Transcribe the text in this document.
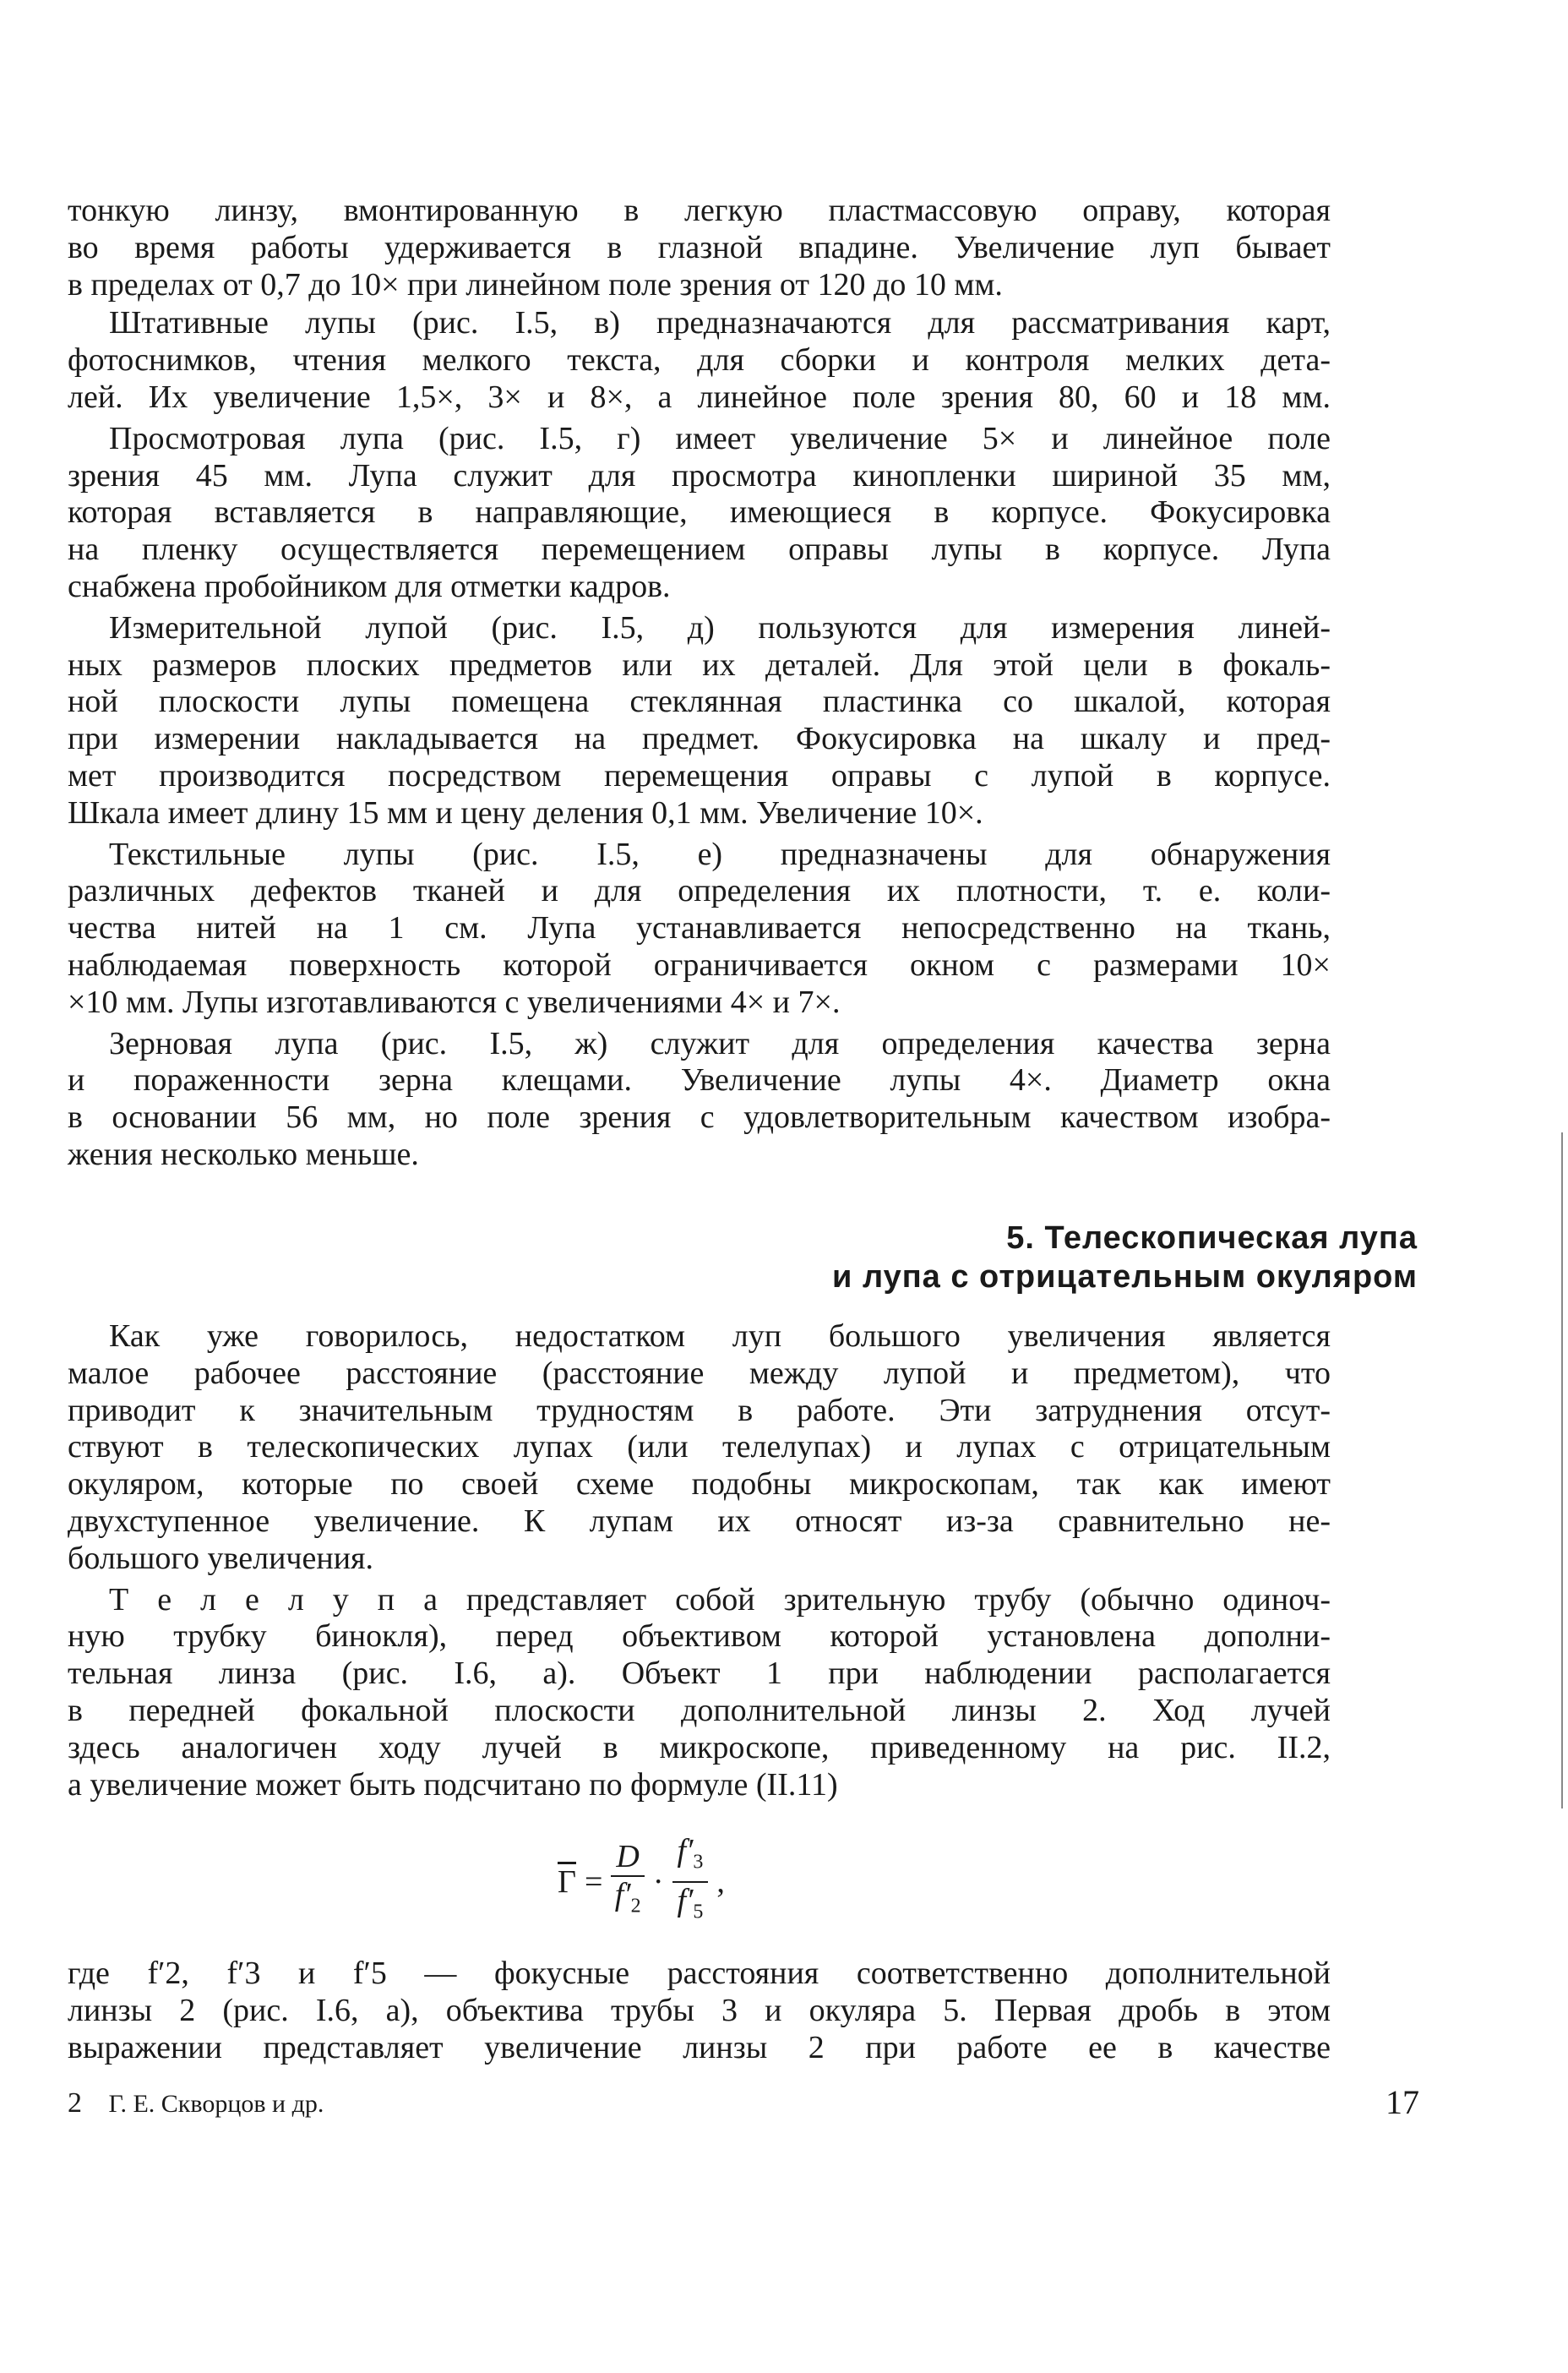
тонкую линзу, вмонтированную в легкую пластмассовую оправу, которая
во время работы удерживается в глазной впадине. Увеличение луп бывает
в пределах от 0,7 до 10× при линейном поле зрения от 120 до 10 мм.
Штативные лупы (рис. I.5, в) предназначаются для рассматривания карт,
фотоснимков, чтения мелкого текста, для сборки и контроля мелких дета-
лей. Их увеличение 1,5×, 3× и 8×, а линейное поле зрения 80, 60 и 18 мм.
Просмотровая лупа (рис. I.5, г) имеет увеличение 5× и линейное поле
зрения 45 мм. Лупа служит для просмотра кинопленки шириной 35 мм,
которая вставляется в направляющие, имеющиеся в корпусе. Фокусировка
на пленку осуществляется перемещением оправы лупы в корпусе. Лупа
снабжена пробойником для отметки кадров.
Измерительной лупой (рис. I.5, д) пользуются для измерения линей-
ных размеров плоских предметов или их деталей. Для этой цели в фокаль-
ной плоскости лупы помещена стеклянная пластинка со шкалой, которая
при измерении накладывается на предмет. Фокусировка на шкалу и пред-
мет производится посредством перемещения оправы с лупой в корпусе.
Шкала имеет длину 15 мм и цену деления 0,1 мм. Увеличение 10×.
Текстильные лупы (рис. I.5, е) предназначены для обнаружения
различных дефектов тканей и для определения их плотности, т. е. коли-
чества нитей на 1 см. Лупа устанавливается непосредственно на ткань,
наблюдаемая поверхность которой ограничивается окном с размерами 10×
×10 мм. Лупы изготавливаются с увеличениями 4× и 7×.
Зерновая лупа (рис. I.5, ж) служит для определения качества зерна
и пораженности зерна клещами. Увеличение лупы 4×. Диаметр окна
в основании 56 мм, но поле зрения с удовлетворительным качеством изобра-
жения несколько меньше.
5. Телескопическая лупа
и лупа с отрицательным окуляром
Как уже говорилось, недостатком луп большого увеличения является
малое рабочее расстояние (расстояние между лупой и предметом), что
приводит к значительным трудностям в работе. Эти затруднения отсут-
ствуют в телескопических лупах (или телелупах) и лупах с отрицательным
окуляром, которые по своей схеме подобны микроскопам, так как имеют
двухступенное увеличение. К лупам их относят из-за сравнительно не-
большого увеличения.
Т е л е л у п а представляет собой зрительную трубу (обычно одиноч-
ную трубку бинокля), перед объективом которой установлена дополни-
тельная линза (рис. I.6, а). Объект 1 при наблюдении располагается
в передней фокальной плоскости дополнительной линзы 2. Ход лучей
здесь аналогичен ходу лучей в микроскопе, приведенному на рис. II.2,
а увеличение может быть подсчитано по формуле (II.11)
$\overline{\Gamma} = \frac{D}{f'_2} \cdot \frac{f'_3}{f'_5}$ ,
где f′2, f′3 и f′5 — фокусные расстояния соответственно дополнительной
линзы 2 (рис. I.6, а), объектива трубы 3 и окуляра 5. Первая дробь в этом
выражении представляет увеличение линзы 2 при работе ее в качестве
2 Г. Е. Скворцов и др.	17
